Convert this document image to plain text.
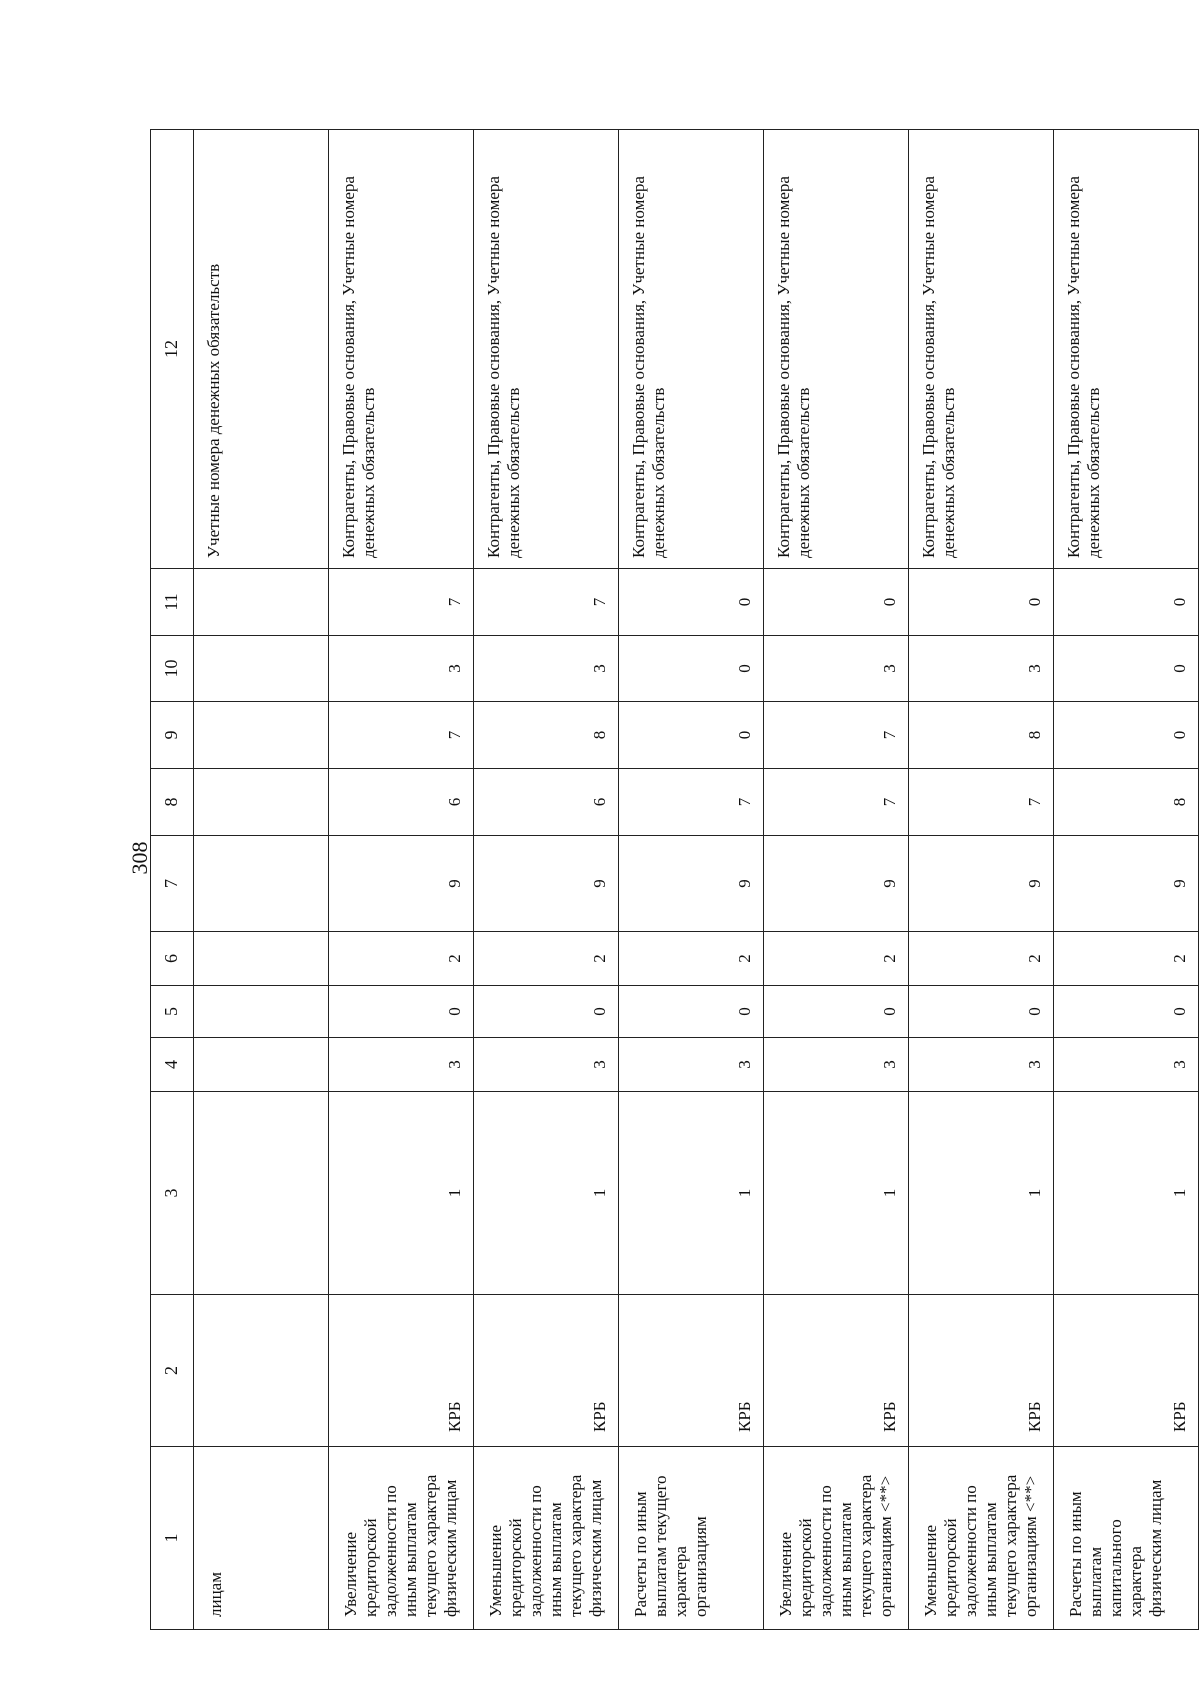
308
1	2	3	4	5	6	7	8	9	10	11	12
лицам											Учетные номера денежных обязательств
Увеличение кредиторской задолженности по иным выплатам текущего характера физическим лицам	КРБ	1	3	0	2	9	6	7	3	7	Контрагенты, Правовые основания, Учетные номера денежных обязательств
Уменьшение кредиторской задолженности по иным выплатам текущего характера физическим лицам	КРБ	1	3	0	2	9	6	8	3	7	Контрагенты, Правовые основания, Учетные номера денежных обязательств
Расчеты по иным выплатам текущего характера организациям	КРБ	1	3	0	2	9	7	0	0	0	Контрагенты, Правовые основания, Учетные номера денежных обязательств
Увеличение кредиторской задолженности по иным выплатам текущего характера организациям <**>	КРБ	1	3	0	2	9	7	7	3	0	Контрагенты, Правовые основания, Учетные номера денежных обязательств
Уменьшение кредиторской задолженности по иным выплатам текущего характера организациям <**>	КРБ	1	3	0	2	9	7	8	3	0	Контрагенты, Правовые основания, Учетные номера денежных обязательств
Расчеты по иным выплатам капитального характера физическим лицам	КРБ	1	3	0	2	9	8	0	0	0	Контрагенты, Правовые основания, Учетные номера денежных обязательств
